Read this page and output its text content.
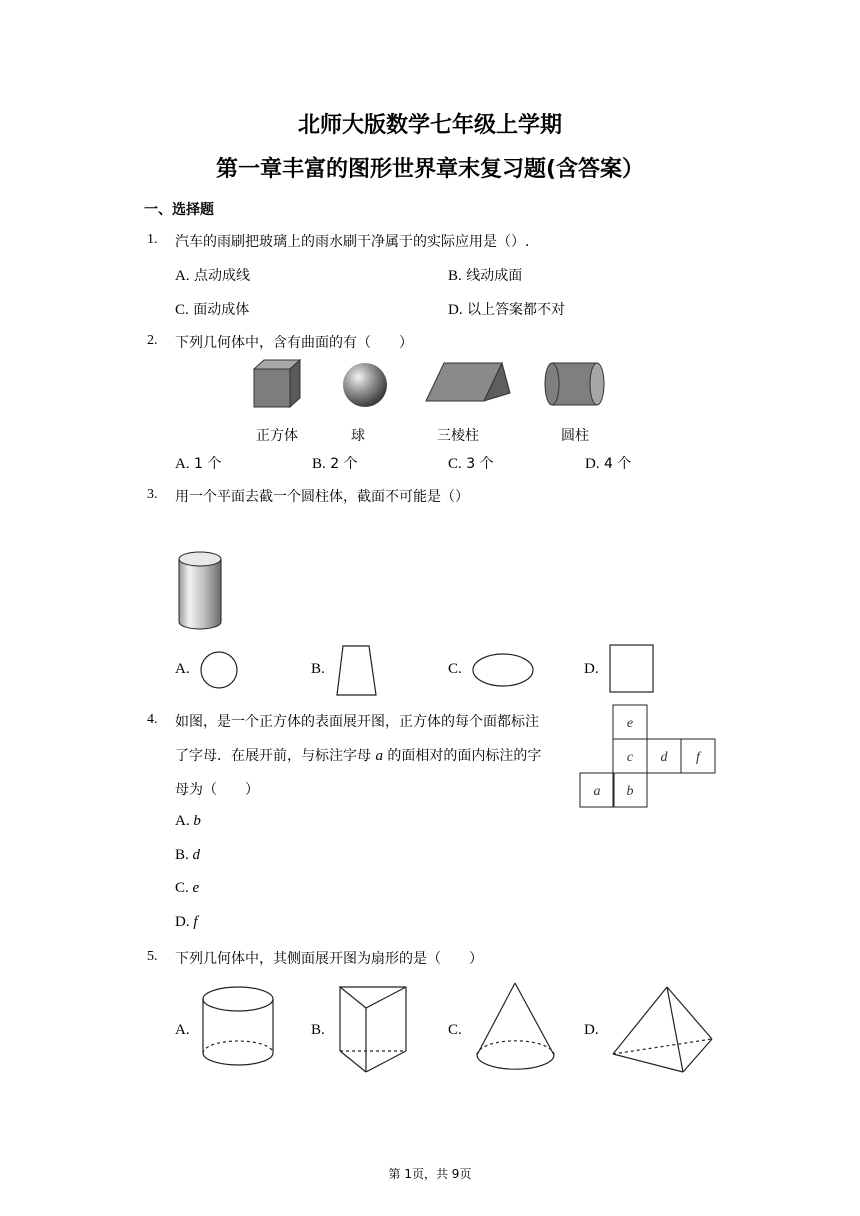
北师大版数学七年级上学期
第一章丰富的图形世界章末复习题(含答案）
一、选择题
1. 汽车的雨刷把玻璃上的雨水刷干净属于的实际应用是（）.
A. 点动成线	B. 线动成面
C. 面动成体	D. 以上答案都不对
2. 下列几何体中，含有曲面的有（　　）
正方体	球	三棱柱	圆柱
A. 1 个	B. 2 个	C. 3 个	D. 4 个
3. 用一个平面去截一个圆柱体，截面不可能是（）
A.	B.	C.	D.
4. 如图，是一个正方体的表面展开图，正方体的每个面都标注
了字母．在展开前，与标注字母 a 的面相对的面内标注的字
母为（　　）
e
c d f
a b
A. b
B. d
C. e
D. f
5. 下列几何体中，其侧面展开图为扇形的是（　　）
A.	B.	C.	D.
第 1页，共 9页
